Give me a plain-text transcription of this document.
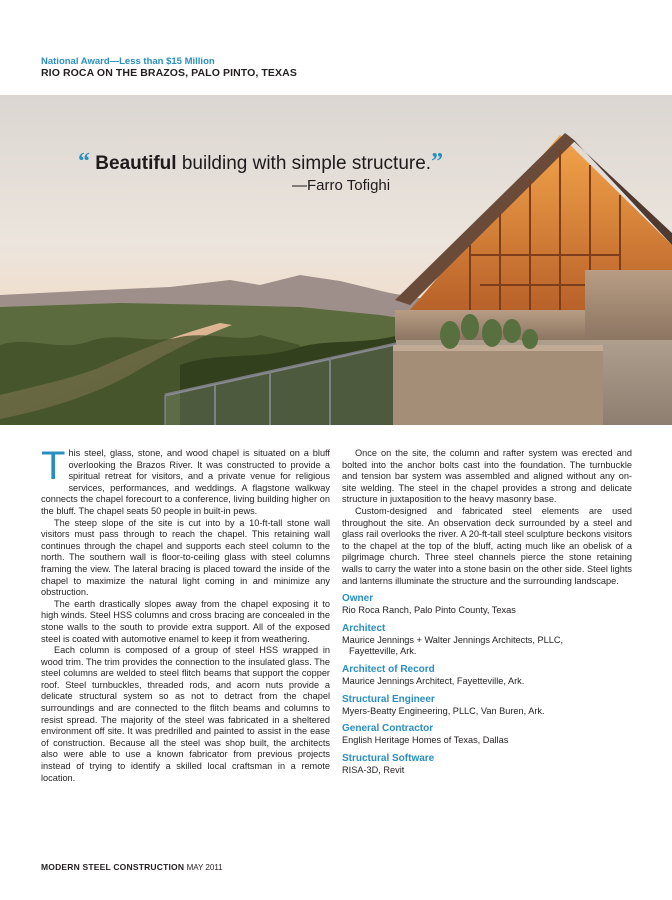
National Award—Less than $15 Million
RIO ROCA ON THE BRAZOS, PALO PINTO, TEXAS
“ Beautiful building with simple structure.”
—Farro Tofighi

This steel, glass, stone, and wood chapel is situated on a bluff overlooking the Brazos River. It was constructed to provide a spiritual retreat for visitors, and a private venue for religious services, performances, and weddings. A flagstone walkway connects the chapel forecourt to a conference, living building higher on the bluff. The chapel seats 50 people in built-in pews.

The steep slope of the site is cut into by a 10-ft-tall stone wall visitors must pass through to reach the chapel. This retaining wall continues through the chapel and supports each steel column to the north. The southern wall is floor-to-ceiling glass with steel columns framing the view. The lateral bracing is placed toward the inside of the chapel to maximize the natural light coming in and minimize any obstruction.

The earth drastically slopes away from the chapel exposing it to high winds. Steel HSS columns and cross bracing are concealed in the stone walls to the south to provide extra support. All of the exposed steel is coated with automotive enamel to keep it from weathering.

Each column is composed of a group of steel HSS wrapped in wood trim. The trim provides the connection to the insulated glass. The steel columns are welded to steel flitch beams that support the copper roof. Steel turnbuckles, threaded rods, and acorn nuts provide a delicate structural system so as not to detract from the chapel surroundings and are connected to the flitch beams and columns to resist spread. The majority of the steel was fabricated in a sheltered environment off site. It was predrilled and painted to assist in the ease of construction. Because all the steel was shop built, the architects also were able to use a known fabricator from previous projects instead of trying to identify a skilled local craftsman in a remote location.

Once on the site, the column and rafter system was erected and bolted into the anchor bolts cast into the foundation. The turnbuckle and tension bar system was assembled and aligned without any on-site welding. The steel in the chapel provides a strong and delicate structure in juxtaposition to the heavy masonry base.

Custom-designed and fabricated steel elements are used throughout the site. An observation deck surrounded by a steel and glass rail overlooks the river. A 20-ft-tall steel sculpture beckons visitors to the chapel at the top of the bluff, acting much like an obelisk of a pilgrimage church. Three steel channels pierce the stone retaining walls to carry the water into a stone basin on the other side. Steel lights and lanterns illuminate the structure and the surrounding landscape.

Owner
Rio Roca Ranch, Palo Pinto County, Texas
Architect
Maurice Jennings + Walter Jennings Architects, PLLC,
Fayetteville, Ark.
Architect of Record
Maurice Jennings Architect, Fayetteville, Ark.
Structural Engineer
Myers-Beatty Engineering, PLLC, Van Buren, Ark.
General Contractor
English Heritage Homes of Texas, Dallas
Structural Software
RISA-3D, Revit
MODERN STEEL CONSTRUCTION MAY 2011
